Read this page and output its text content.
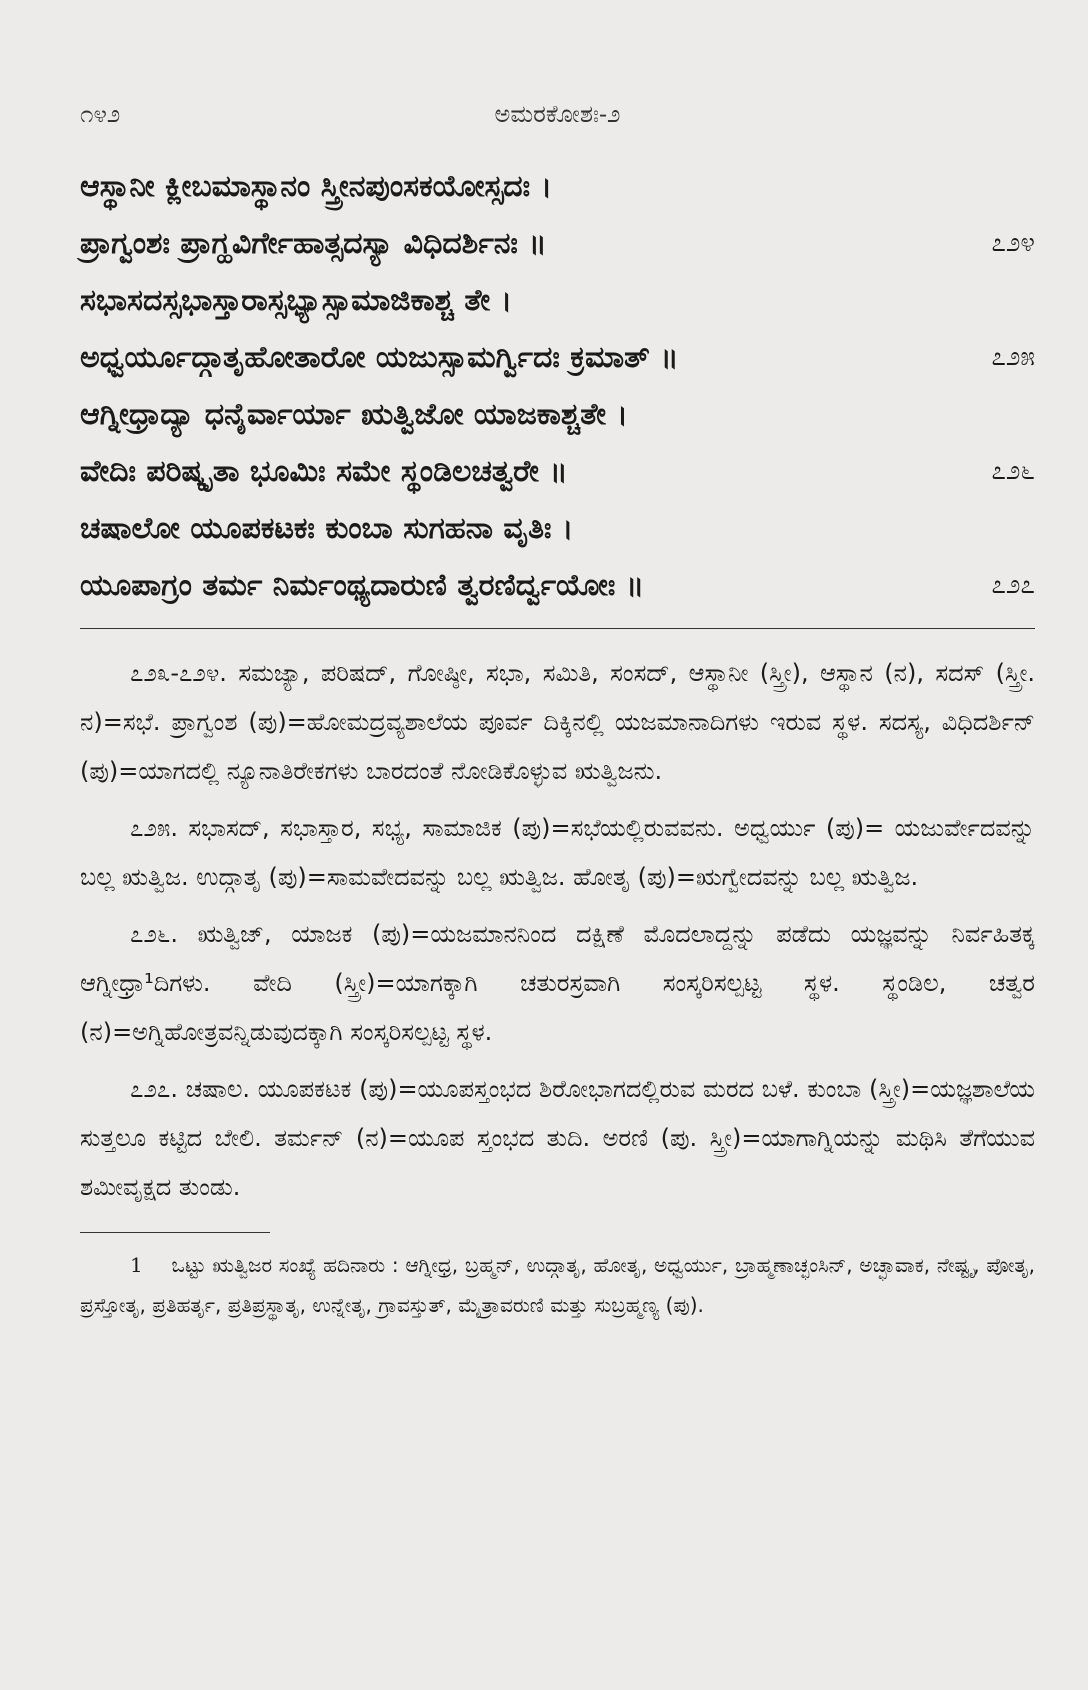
೧೪೨	ಅಮರಕೋಶಃ-೨
ಆಸ್ಥಾನೀ ಕ್ಲೀಬಮಾಸ್ಥಾನಂ ಸ್ತ್ರೀನಪುಂಸಕಯೋಸ್ಸದಃ ।
ಪ್ರಾಗ್ವಂಶಃ ಪ್ರಾಗ್ಹವಿರ್ಗೇಹಾತ್ಸದಸ್ಯಾ ವಿಧಿದರ್ಶಿನಃ ॥	೭೨೪
ಸಭಾಸದಸ್ಸಭಾಸ್ತಾರಾಸ್ಸಭ್ಯಾಸ್ಸಾಮಾಜಿಕಾಶ್ಚ ತೇ ।
ಅಧ್ವರ್ಯೂದ್ಗಾತೃಹೋತಾರೋ ಯಜುಸ್ಸಾಮರ್ಗ್ವಿದಃ ಕ್ರಮಾತ್ ॥	೭೨೫
ಆಗ್ನೀಧ್ರಾದ್ಯಾ ಧನೈರ್ವಾರ್ಯಾ ಋತ್ವಿಜೋ ಯಾಜಕಾಶ್ಚತೇ ।
ವೇದಿಃ ಪರಿಷ್ಕೃತಾ ಭೂಮಿಃ ಸಮೇ ಸ್ಥಂಡಿಲಚತ್ವರೇ ॥	೭೨೬
ಚಷಾಲೋ ಯೂಪಕಟಕಃ ಕುಂಬಾ ಸುಗಹನಾ ವೃತಿಃ ।
ಯೂಪಾಗ್ರಂ ತರ್ಮ ನಿರ್ಮಂಥ್ಯದಾರುಣಿ ತ್ವರಣಿರ್ದ್ವಯೋಃ ॥	೭೨೭

೭೨೩-೭೨೪. ಸಮಜ್ಯಾ, ಪರಿಷದ್, ಗೋಷ್ಠೀ, ಸಭಾ, ಸಮಿತಿ, ಸಂಸದ್, ಆಸ್ಥಾನೀ (ಸ್ತ್ರೀ), ಆಸ್ಥಾನ (ನ), ಸದಸ್ (ಸ್ತ್ರೀ. ನ)=ಸಭೆ. ಪ್ರಾಗ್ವಂಶ (ಪು)=ಹೋಮದ್ರವ್ಯಶಾಲೆಯ ಪೂರ್ವ ದಿಕ್ಕಿನಲ್ಲಿ ಯಜಮಾನಾದಿಗಳು ಇರುವ ಸ್ಥಳ. ಸದಸ್ಯ, ವಿಧಿದರ್ಶಿನ್ (ಪು)=ಯಾಗದಲ್ಲಿ ನ್ಯೂನಾತಿರೇಕಗಳು ಬಾರದಂತೆ ನೋಡಿಕೊಳ್ಳುವ ಋತ್ವಿಜನು.

೭೨೫. ಸಭಾಸದ್, ಸಭಾಸ್ತಾರ, ಸಭ್ಯ, ಸಾಮಾಜಿಕ (ಪು)=ಸಭೆಯಲ್ಲಿರುವವನು. ಅಧ್ವರ್ಯು (ಪು)= ಯಜುರ್ವೇದವನ್ನು ಬಲ್ಲ ಋತ್ವಿಜ. ಉದ್ಗಾತೃ (ಪು)=ಸಾಮವೇದವನ್ನು ಬಲ್ಲ ಋತ್ವಿಜ. ಹೋತೃ (ಪು)=ಋಗ್ವೇದವನ್ನು ಬಲ್ಲ ಋತ್ವಿಜ.

೭೨೬. ಋತ್ವಿಜ್, ಯಾಜಕ (ಪು)=ಯಜಮಾನನಿಂದ ದಕ್ಷಿಣೆ ಮೊದಲಾದ್ದನ್ನು ಪಡೆದು ಯಜ್ಞವನ್ನು ನಿರ್ವಹಿತಕ್ಕ ಆಗ್ನೀಧ್ರಾ¹ದಿಗಳು. ವೇದಿ (ಸ್ತ್ರೀ)=ಯಾಗಕ್ಕಾಗಿ ಚತುರಸ್ರವಾಗಿ ಸಂಸ್ಕರಿಸಲ್ಪಟ್ಟ ಸ್ಥಳ. ಸ್ಥಂಡಿಲ, ಚತ್ವರ (ನ)=ಅಗ್ನಿಹೋತ್ರವನ್ನಿಡುವುದಕ್ಕಾಗಿ ಸಂಸ್ಕರಿಸಲ್ಪಟ್ಟ ಸ್ಥಳ.

೭೨೭. ಚಷಾಲ. ಯೂಪಕಟಕ (ಪು)=ಯೂಪಸ್ತಂಭದ ಶಿರೋಭಾಗದಲ್ಲಿರುವ ಮರದ ಬಳೆ. ಕುಂಬಾ (ಸ್ತ್ರೀ)=ಯಜ್ಞಶಾಲೆಯ ಸುತ್ತಲೂ ಕಟ್ಟಿದ ಬೇಲಿ. ತರ್ಮನ್ (ನ)=ಯೂಪ ಸ್ತಂಭದ ತುದಿ. ಅರಣಿ (ಪು. ಸ್ತ್ರೀ)=ಯಾಗಾಗ್ನಿಯನ್ನು ಮಥಿಸಿ ತೆಗೆಯುವ ಶಮೀವೃಕ್ಷದ ತುಂಡು.

1 ಒಟ್ಟು ಋತ್ವಿಜರ ಸಂಖ್ಯೆ ಹದಿನಾರು : ಆಗ್ನೀಧ್ರ, ಬ್ರಹ್ಮನ್, ಉದ್ಗಾತೃ, ಹೋತೃ, ಅಧ್ವರ್ಯು, ಬ್ರಾಹ್ಮಣಾಚ್ಛಂಸಿನ್, ಅಚ್ಛಾವಾಕ, ನೇಷ್ಟೃ, ಪೋತೃ, ಪ್ರಸ್ತೋತೃ, ಪ್ರತಿಹರ್ತೃ, ಪ್ರತಿಪ್ರಸ್ಥಾತೃ, ಉನ್ನೇತೃ, ಗ್ರಾವಸ್ತುತ್, ಮೈತ್ರಾವರುಣಿ ಮತ್ತು ಸುಬ್ರಹ್ಮಣ್ಯ (ಪು).
